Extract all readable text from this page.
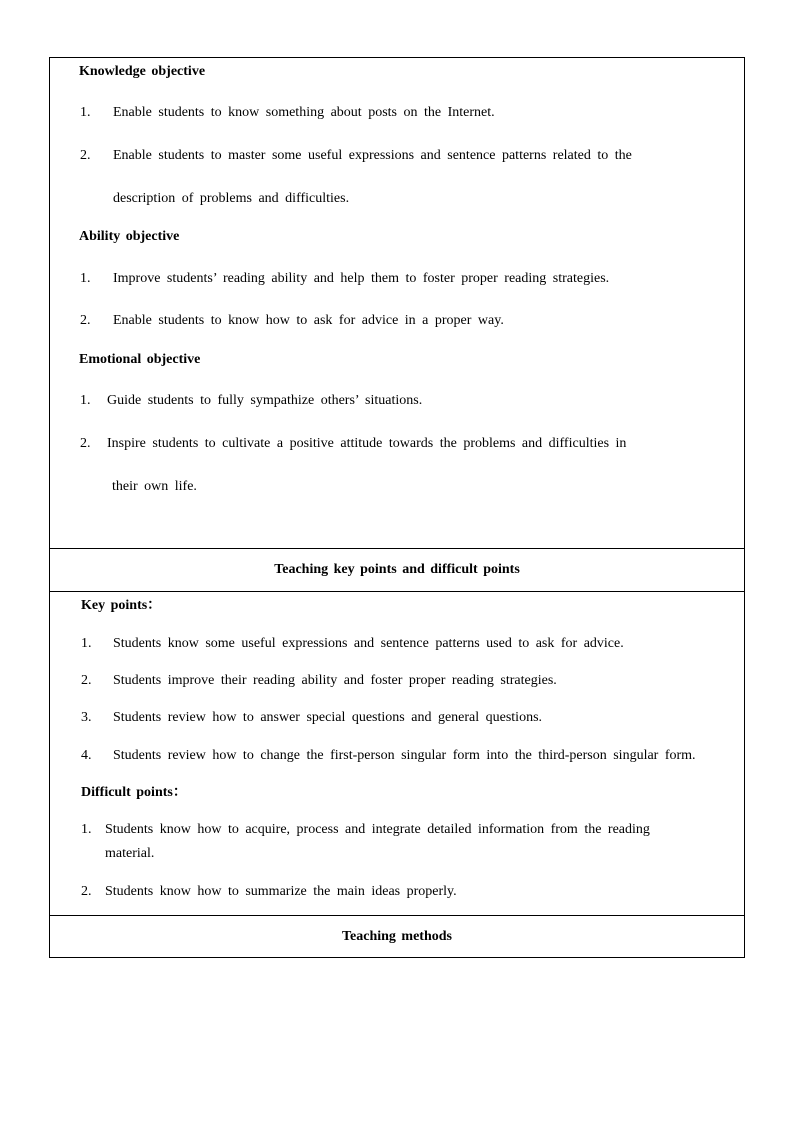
Knowledge objective
1. Enable students to know something about posts on the Internet.
2. Enable students to master some useful expressions and sentence patterns related to the
description of problems and difficulties.
Ability objective
1. Improve students’ reading ability and help them to foster proper reading strategies.
2. Enable students to know how to ask for advice in a proper way.
Emotional objective
1. Guide students to fully sympathize others’ situations.
2. Inspire students to cultivate a positive attitude towards the problems and difficulties in
their own life.
Teaching key points and difficult points
Key points：
1. Students know some useful expressions and sentence patterns used to ask for advice.
2. Students improve their reading ability and foster proper reading strategies.
3. Students review how to answer special questions and general questions.
4. Students review how to change the first-person singular form into the third-person singular form.
Difficult points：
1. Students know how to acquire, process and integrate detailed information from the reading
material.
2. Students know how to summarize the main ideas properly.
Teaching methods
